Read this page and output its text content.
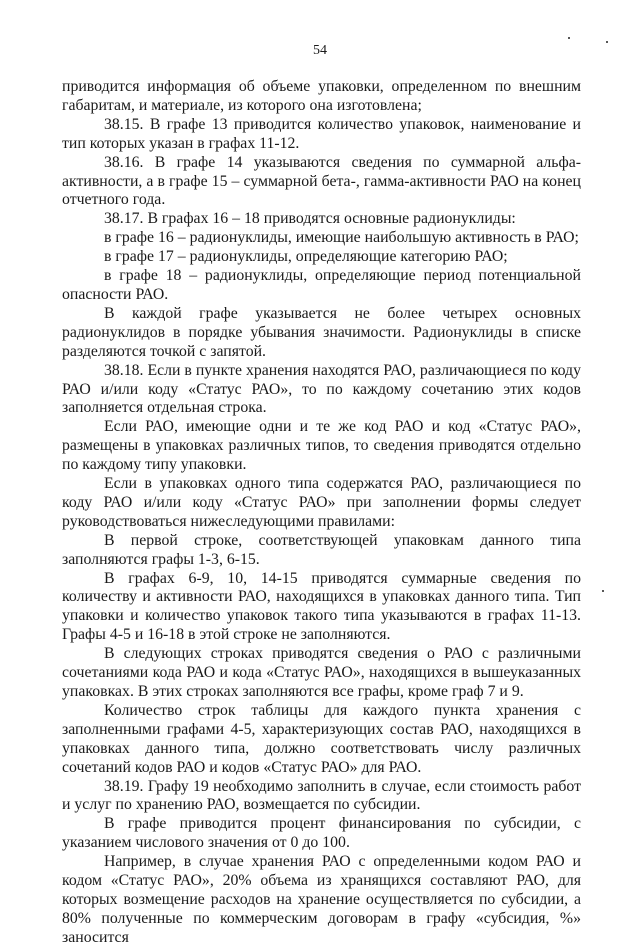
54

приводится информация об объеме упаковки, определенном по внешним габаритам, и материале, из которого она изготовлена;

38.15. В графе 13 приводится количество упаковок, наименование и тип которых указан в графах 11-12.

38.16. В графе 14 указываются сведения по суммарной альфа- активности, а в графе 15 – суммарной бета-, гамма-активности РАО на конец отчетного года.

38.17. В графах 16 – 18 приводятся основные радионуклиды:

в графе 16 – радионуклиды, имеющие наибольшую активность в РАО;

в графе 17 – радионуклиды, определяющие категорию РАО;

в графе 18 – радионуклиды, определяющие период потенциальной опасности РАО.

В каждой графе указывается не более четырех основных радионуклидов в порядке убывания значимости. Радионуклиды в списке разделяются точкой с запятой.

38.18. Если в пункте хранения находятся РАО, различающиеся по коду РАО и/или коду «Статус РАО», то по каждому сочетанию этих кодов заполняется отдельная строка.

Если РАО, имеющие одни и те же код РАО и код «Статус РАО», размещены в упаковках различных типов, то сведения приводятся отдельно по каждому типу упаковки.

Если в упаковках одного типа содержатся РАО, различающиеся по коду РАО и/или коду «Статус РАО» при заполнении формы следует руководствоваться нижеследующими правилами:

В первой строке, соответствующей упаковкам данного типа заполняются графы 1-3, 6-15.

В графах 6-9, 10, 14-15 приводятся суммарные сведения по количеству и активности РАО, находящихся в упаковках данного типа. Тип упаковки и количество упаковок такого типа указываются в графах 11-13. Графы 4-5 и 16-18 в этой строке не заполняются.

В следующих строках приводятся сведения о РАО с различными сочетаниями кода РАО и кода «Статус РАО», находящихся в вышеуказанных упаковках. В этих строках заполняются все графы, кроме граф 7 и 9.

Количество строк таблицы для каждого пункта хранения с заполненными графами 4-5, характеризующих состав РАО, находящихся в упаковках данного типа, должно соответствовать числу различных сочетаний кодов РАО и кодов «Статус РАО» для РАО.

38.19. Графу 19 необходимо заполнить в случае, если стоимость работ и услуг по хранению РАО, возмещается по субсидии.

В графе приводится процент финансирования по субсидии, с указанием числового значения от 0 до 100.

Например, в случае хранения РАО с определенными кодом РАО и кодом «Статус РАО», 20% объема из хранящихся составляют РАО, для которых возмещение расходов на хранение осуществляется по субсидии, а 80% полученные по коммерческим договорам в графу «субсидия, %» заносится
